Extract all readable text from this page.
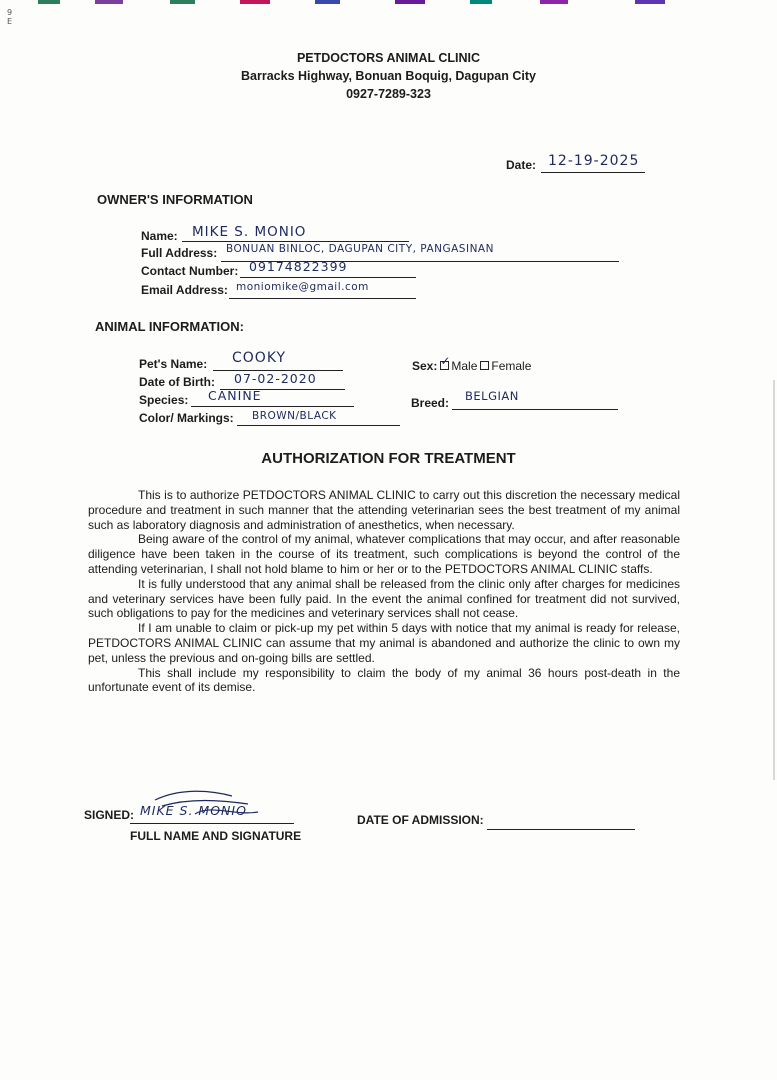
9 E
PETDOCTORS ANIMAL CLINIC
Barracks Highway, Bonuan Boquig, Dagupan City
0927-7289-323
Date: 12-19-2025
OWNER'S INFORMATION
Name: MIKE S. MONIO
Full Address: BONUAN BINLOC, DAGUPAN CITY, PANGASINAN
Contact Number: 09174822399
Email Address: moniomike@gmail.com
ANIMAL INFORMATION:
Pet's Name: COOKY
Date of Birth: 07-02-2020
Species: CANINE
Color/ Markings: BROWN/BLACK
Sex:✓ Male Female
Breed: BELGIAN
AUTHORIZATION FOR TREATMENT

This is to authorize PETDOCTORS ANIMAL CLINIC to carry out this discretion the necessary medical procedure and treatment in such manner that the attending veterinarian sees the best treatment of my animal such as laboratory diagnosis and administration of anesthetics, when necessary.

Being aware of the control of my animal, whatever complications that may occur, and after reasonable diligence have been taken in the course of its treatment, such complications is beyond the control of the attending veterinarian, I shall not hold blame to him or her or to the PETDOCTORS ANIMAL CLINIC staffs.

It is fully understood that any animal shall be released from the clinic only after charges for medicines and veterinary services have been fully paid. In the event the animal confined for treatment did not survived, such obligations to pay for the medicines and veterinary services shall not cease.

If I am unable to claim or pick-up my pet within 5 days with notice that my animal is ready for release, PETDOCTORS ANIMAL CLINIC can assume that my animal is abandoned and authorize the clinic to own my pet, unless the previous and on-going bills are settled.

This shall include my responsibility to claim the body of my animal 36 hours post-death in the unfortunate event of its demise.

SIGNED: MIKE S. MONIO
FULL NAME AND SIGNATURE
DATE OF ADMISSION:
